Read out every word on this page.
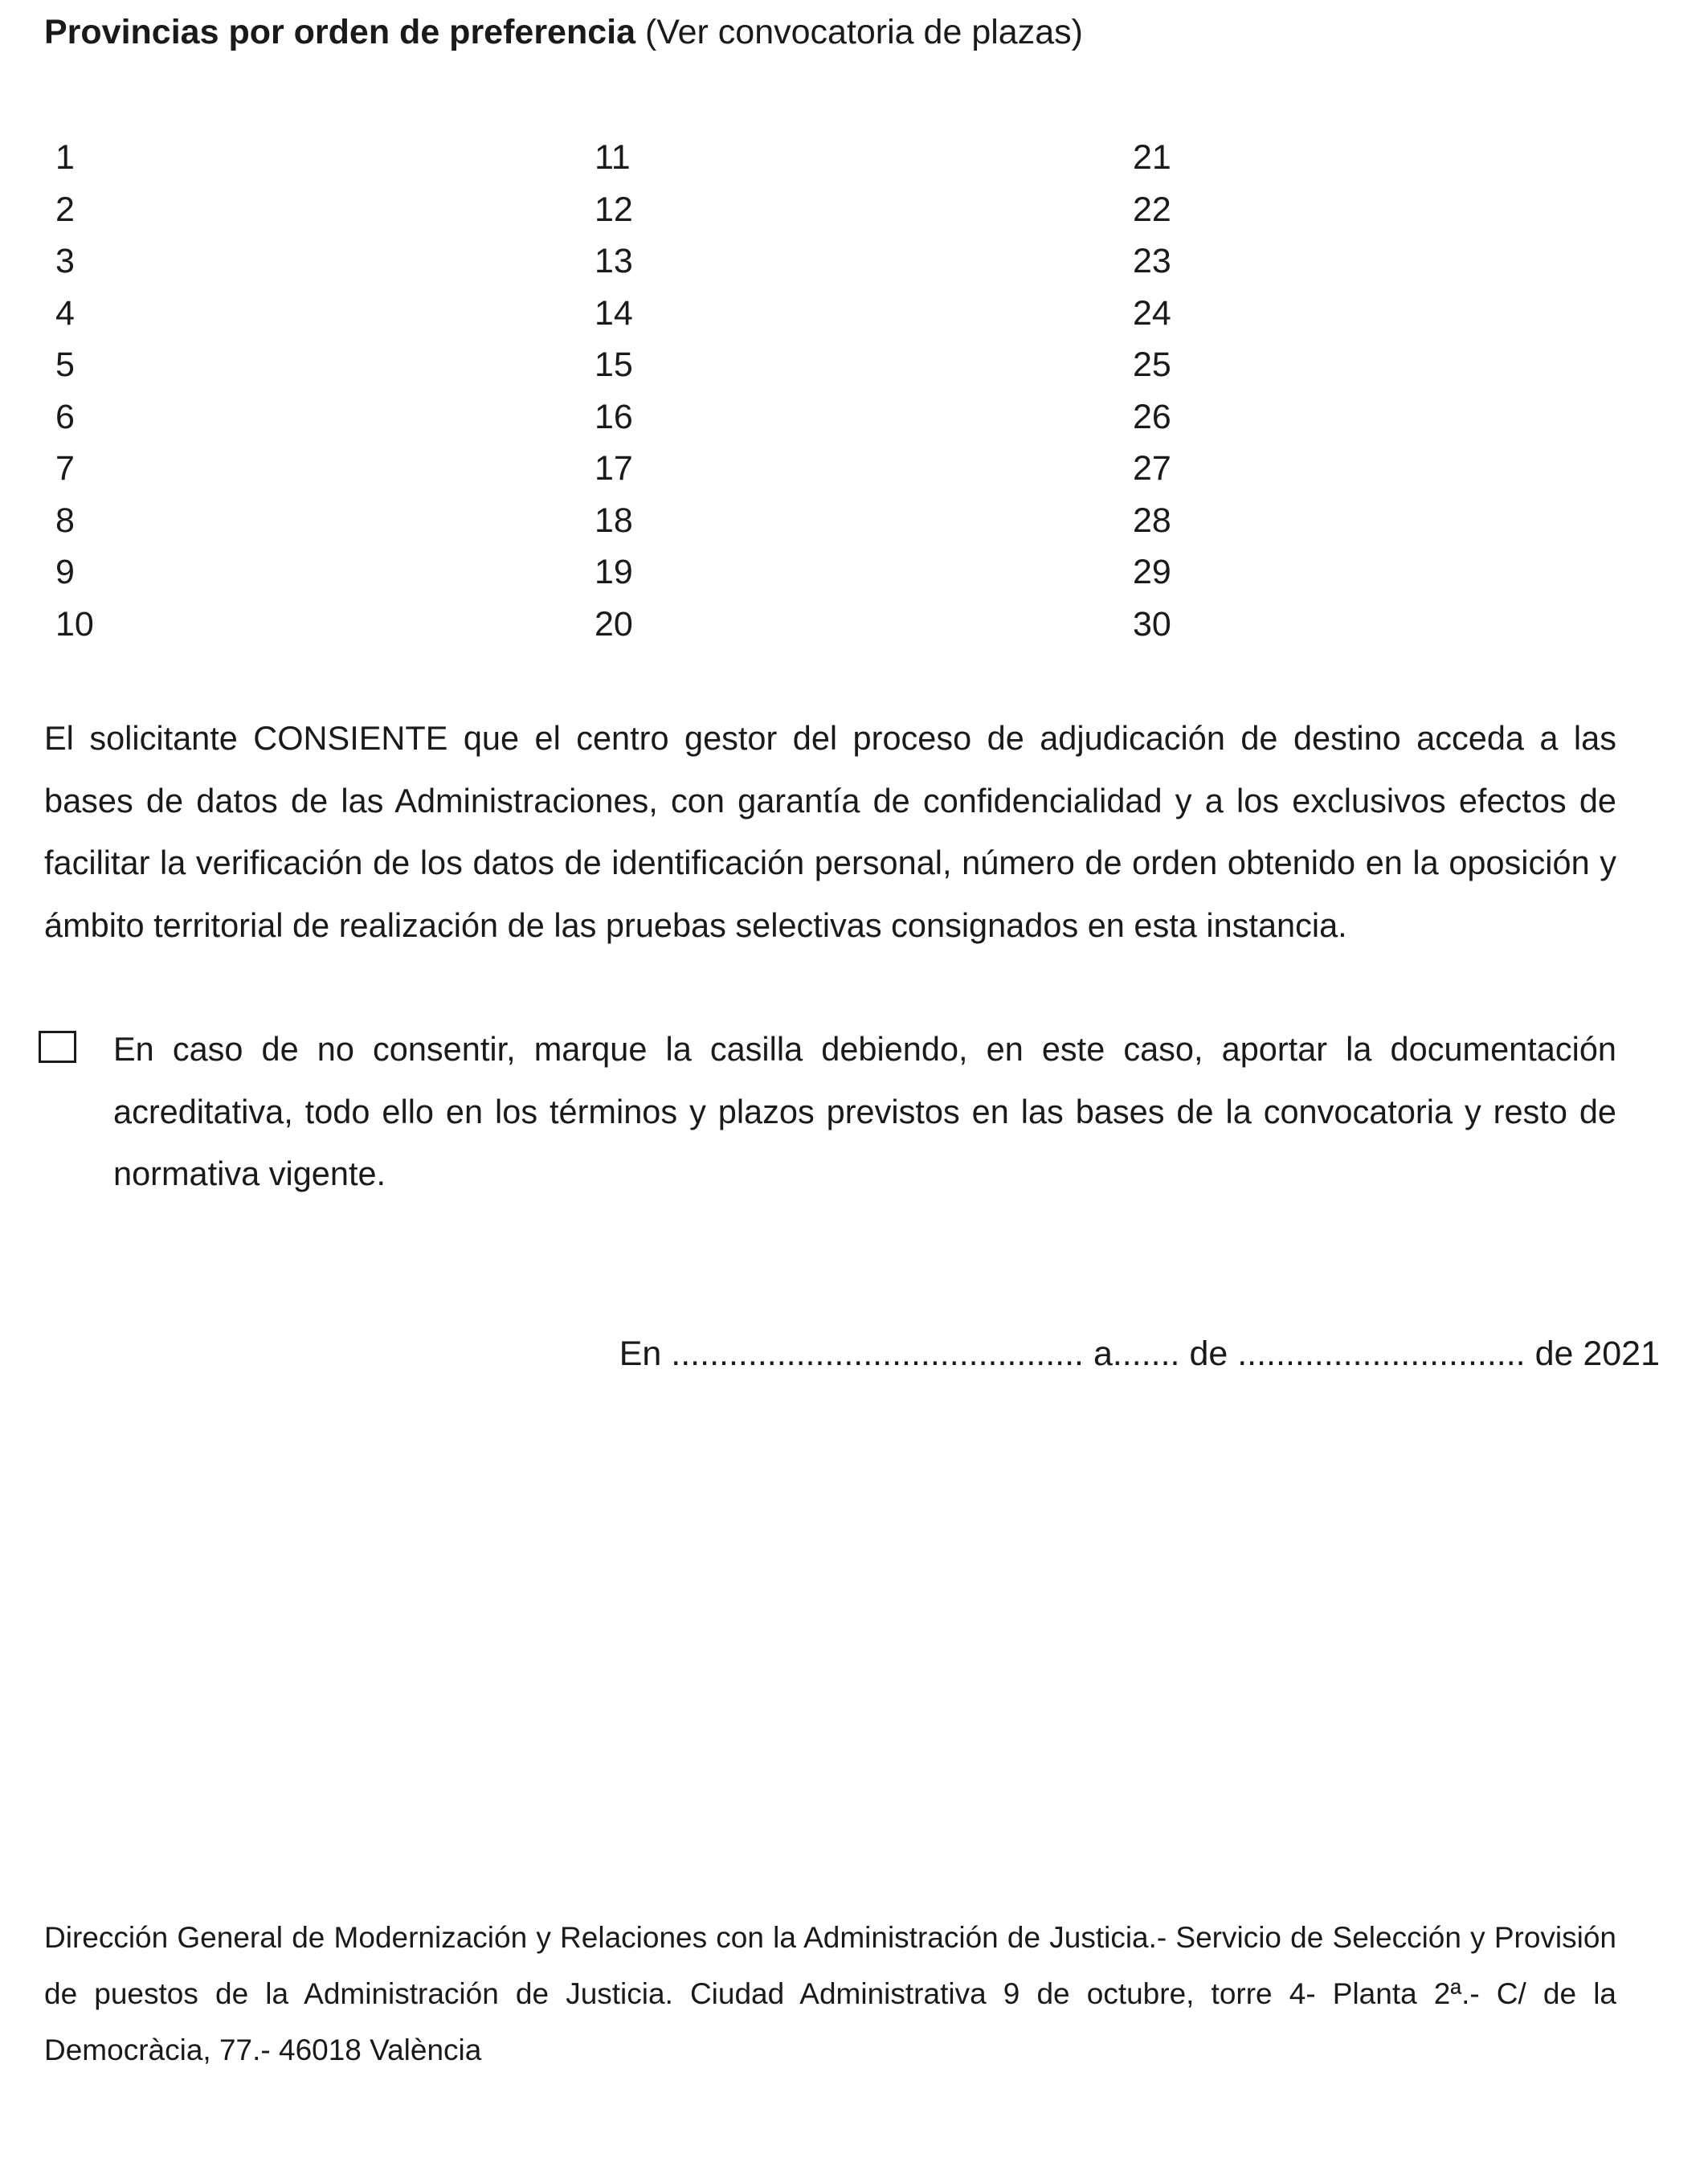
Provincias por orden de preferencia (Ver convocatoria de plazas)
1
2
3
4
5
6
7
8
9
10
11
12
13
14
15
16
17
18
19
20
21
22
23
24
25
26
27
28
29
30
El solicitante CONSIENTE que el centro gestor del proceso de adjudicación de destino acceda a las bases de datos de las Administraciones, con garantía de confidencialidad y a los exclusivos efectos de facilitar la verificación de los datos de identificación personal, número de orden obtenido en la oposición y ámbito territorial de realización de las pruebas selectivas consignados en esta instancia.
En caso de no consentir, marque la casilla debiendo, en este caso, aportar la documentación acreditativa, todo ello en los términos y plazos previstos en las bases de la convocatoria y resto de normativa vigente.
En ........................................... a....... de .............................. de 2021
Dirección General de Modernización y Relaciones con la Administración de Justicia.- Servicio de Selección y Provisión de puestos de la Administración de Justicia. Ciudad Administrativa 9 de octubre, torre 4- Planta 2ª.- C/ de la Democràcia, 77.- 46018 València
